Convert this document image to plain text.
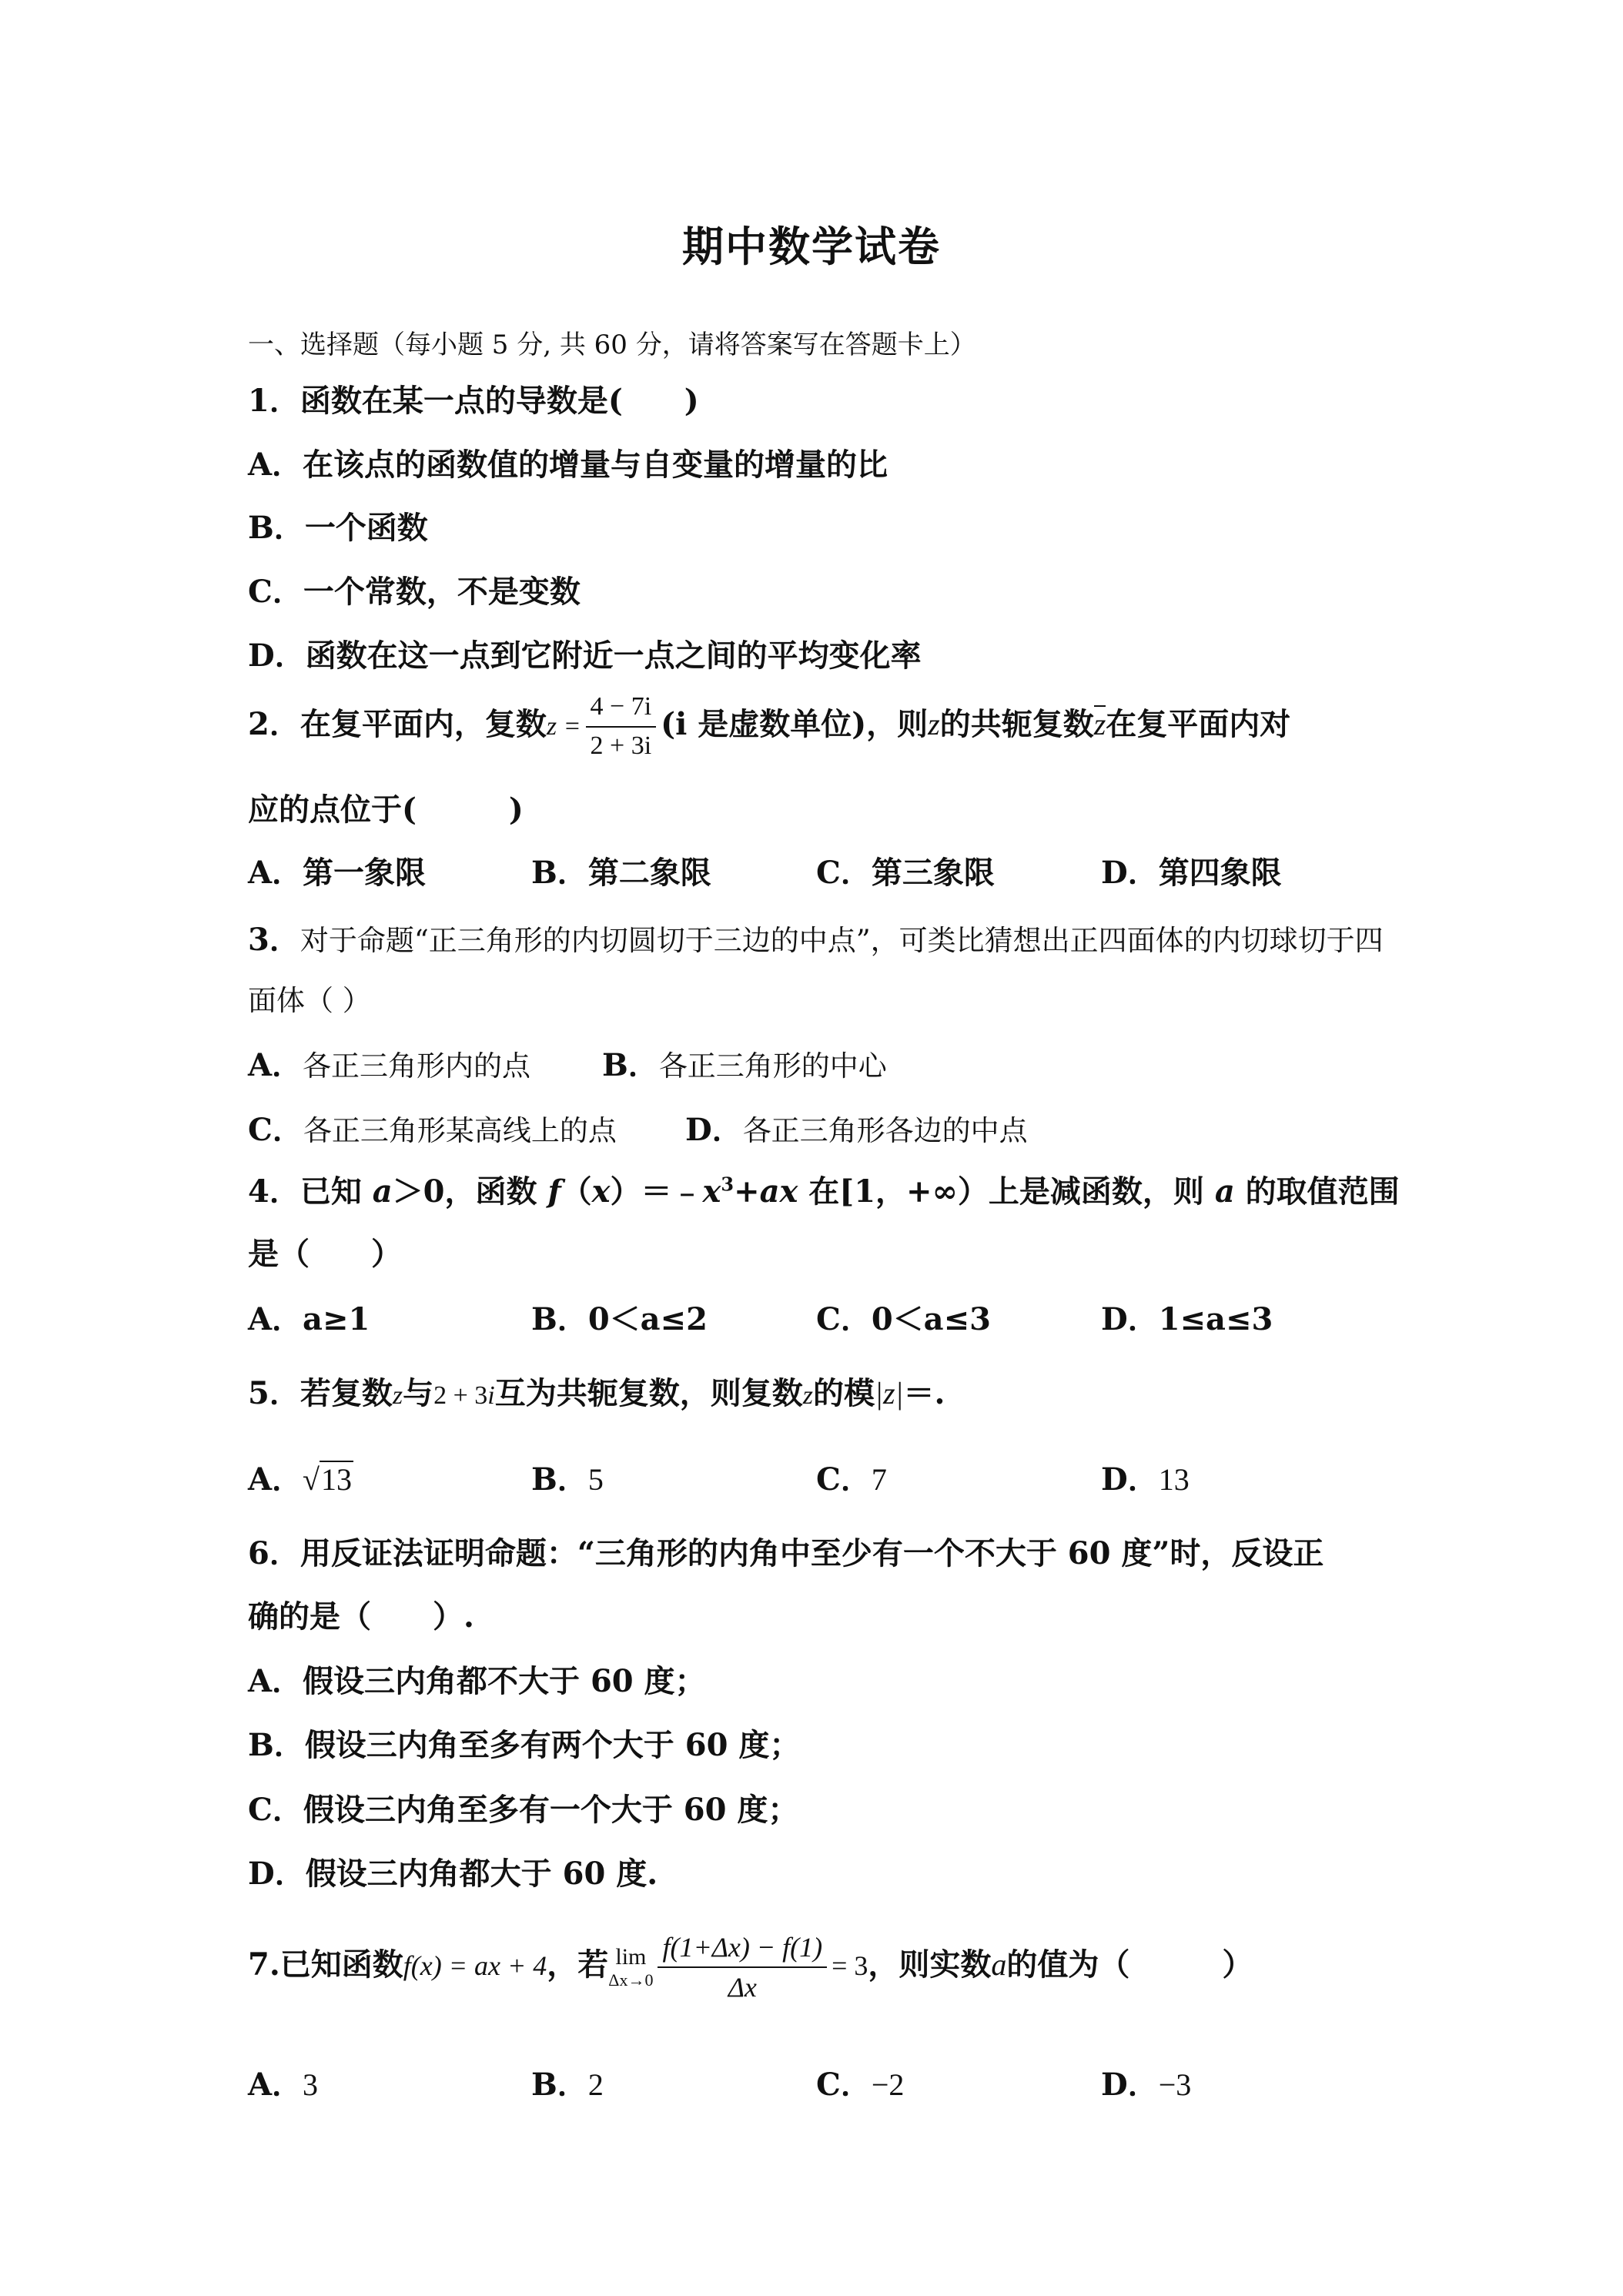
期中数学试卷
一、选择题（每小题 5 分, 共 60 分，请将答案写在答题卡上）
1．函数在某一点的导数是(　　)
A．在该点的函数值的增量与自变量的增量的比
B．一个函数
C．一个常数，不是变数
D．函数在这一点到它附近一点之间的平均变化率
2．在复平面内，复数$z = \frac{4 - 7i}{2 + 3i} (i$ 是虚数单位)，则z的共轭复数z在复平面内对
应的点位于(　　　)
A．第一象限	B．第二象限	C．第三象限	D．第四象限
3．对于命题“正三角形的内切圆切于三边的中点”，可类比猜想出正四面体的内切球切于四
面体（ ）
A．各正三角形内的点 B．各正三角形的中心
C．各正三角形某高线上的点 D．各正三角形各边的中点
4．已知 a＞0，函数 $f(x)=﹣x^3+ax$ 在[1，+∞）上是减函数，则 a 的取值范围
是（　　）
A．a≥1	B．0＜a≤2	C．0＜a≤3	D．1≤a≤3
5．若复数z与2 + 3i互为共轭复数，则复数z的模|z|＝.
A．√13	B．5	C．7	D．13
6．用反证法证明命题：“三角形的内角中至少有一个不大于 60 度”时，反设正
确的是（　　）.
A．假设三内角都不大于 60 度；
B．假设三内角至多有两个大于 60 度；
C．假设三内角至多有一个大于 60 度；
D．假设三内角都大于 60 度.
7.已知函数f(x) = ax + 4，若 lim
$\Delta x\to 0 \frac{f(1+\Delta x) - f(1)}{\Delta x} = 3$，则实数a的值为（　　　）
A．3	B．2	C．−2	D．−3
